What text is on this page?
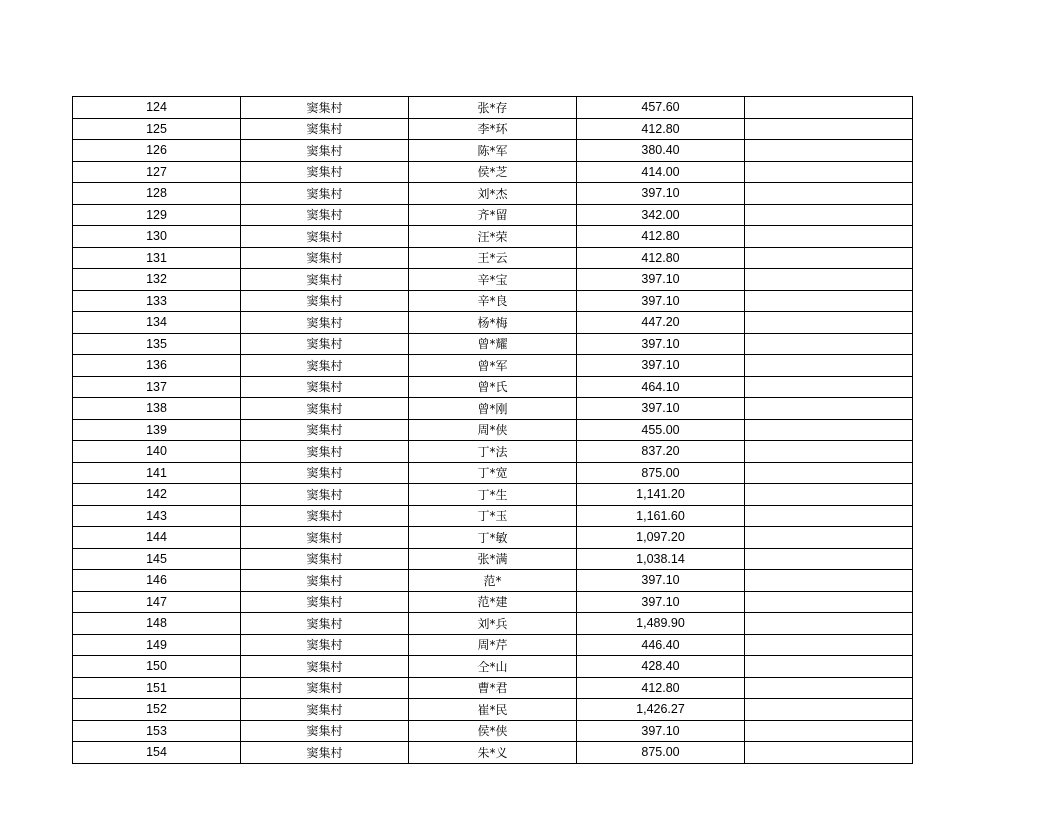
124	窦集村	张*存	457.60	
125	窦集村	李*环	412.80	
126	窦集村	陈*军	380.40	
127	窦集村	侯*芝	414.00	
128	窦集村	刘*杰	397.10	
129	窦集村	齐*留	342.00	
130	窦集村	汪*荣	412.80	
131	窦集村	王*云	412.80	
132	窦集村	辛*宝	397.10	
133	窦集村	辛*良	397.10	
134	窦集村	杨*梅	447.20	
135	窦集村	曾*耀	397.10	
136	窦集村	曾*军	397.10	
137	窦集村	曾*氏	464.10	
138	窦集村	曾*刚	397.10	
139	窦集村	周*侠	455.00	
140	窦集村	丁*法	837.20	
141	窦集村	丁*宽	875.00	
142	窦集村	丁*生	1,141.20	
143	窦集村	丁*玉	1,161.60	
144	窦集村	丁*敏	1,097.20	
145	窦集村	张*满	1,038.14	
146	窦集村	范*	397.10	
147	窦集村	范*建	397.10	
148	窦集村	刘*兵	1,489.90	
149	窦集村	周*芹	446.40	
150	窦集村	仝*山	428.40	
151	窦集村	曹*君	412.80	
152	窦集村	崔*民	1,426.27	
153	窦集村	侯*侠	397.10	
154	窦集村	朱*义	875.00	
